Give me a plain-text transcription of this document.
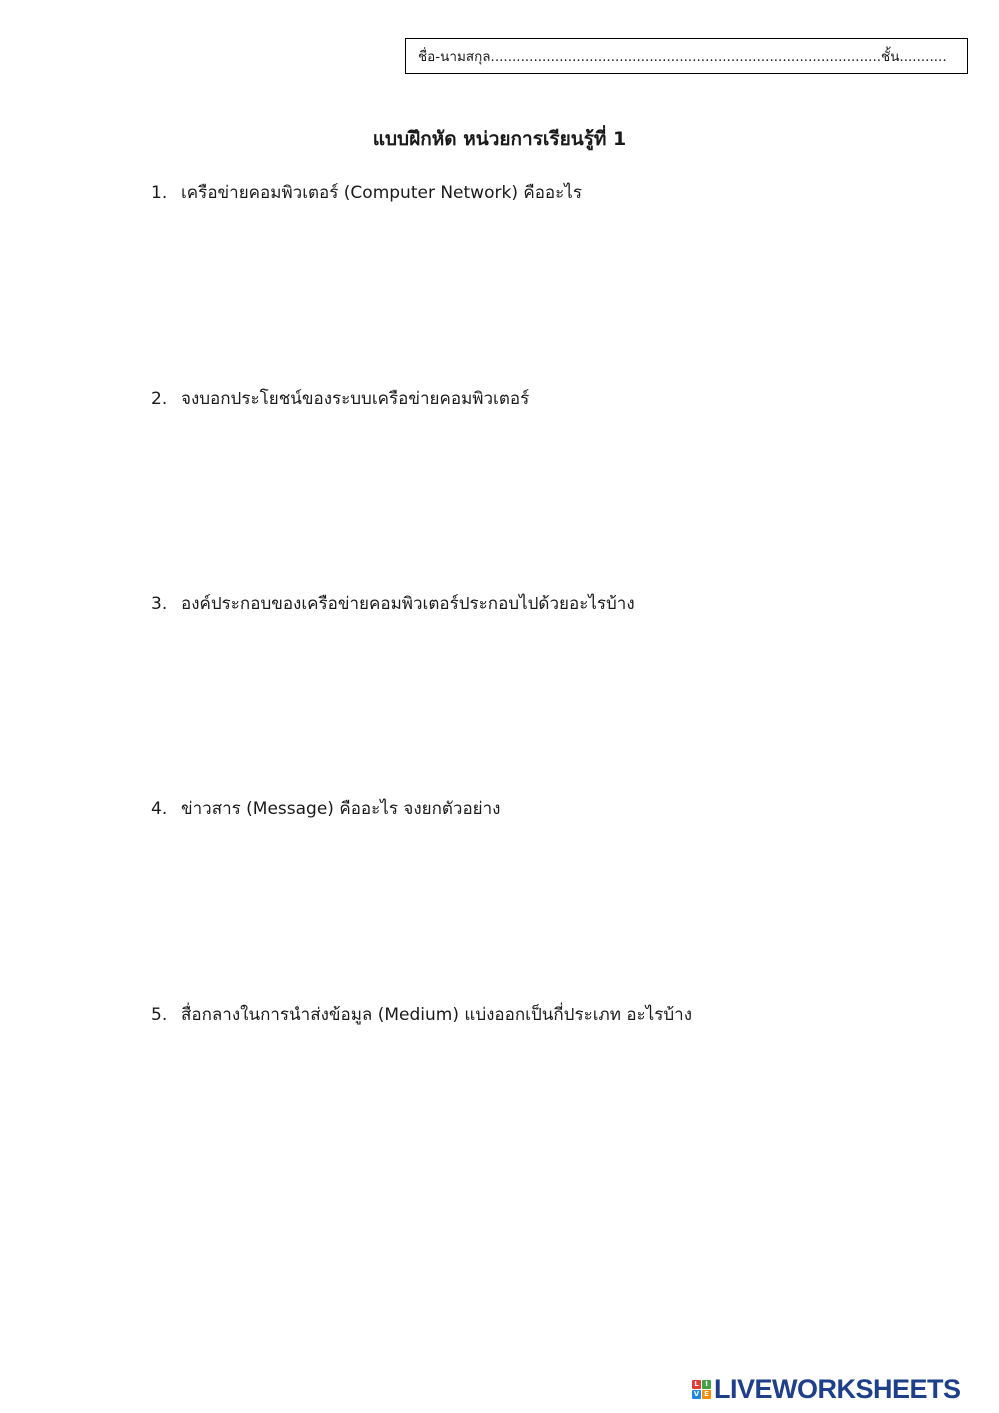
ชื่อ-นามสกุล...........................................................................................ชั้น...........
แบบฝึกหัด หน่วยการเรียนรู้ที่ 1
1. เครือข่ายคอมพิวเตอร์ (Computer Network) คืออะไร
2. จงบอกประโยชน์ของระบบเครือข่ายคอมพิวเตอร์
3. องค์ประกอบของเครือข่ายคอมพิวเตอร์ประกอบไปด้วยอะไรบ้าง
4. ข่าวสาร (Message) คืออะไร จงยกตัวอย่าง
5. สื่อกลางในการนำส่งข้อมูล (Medium) แบ่งออกเป็นกี่ประเภท อะไรบ้าง
L I
V E LIVEWORKSHEETS
